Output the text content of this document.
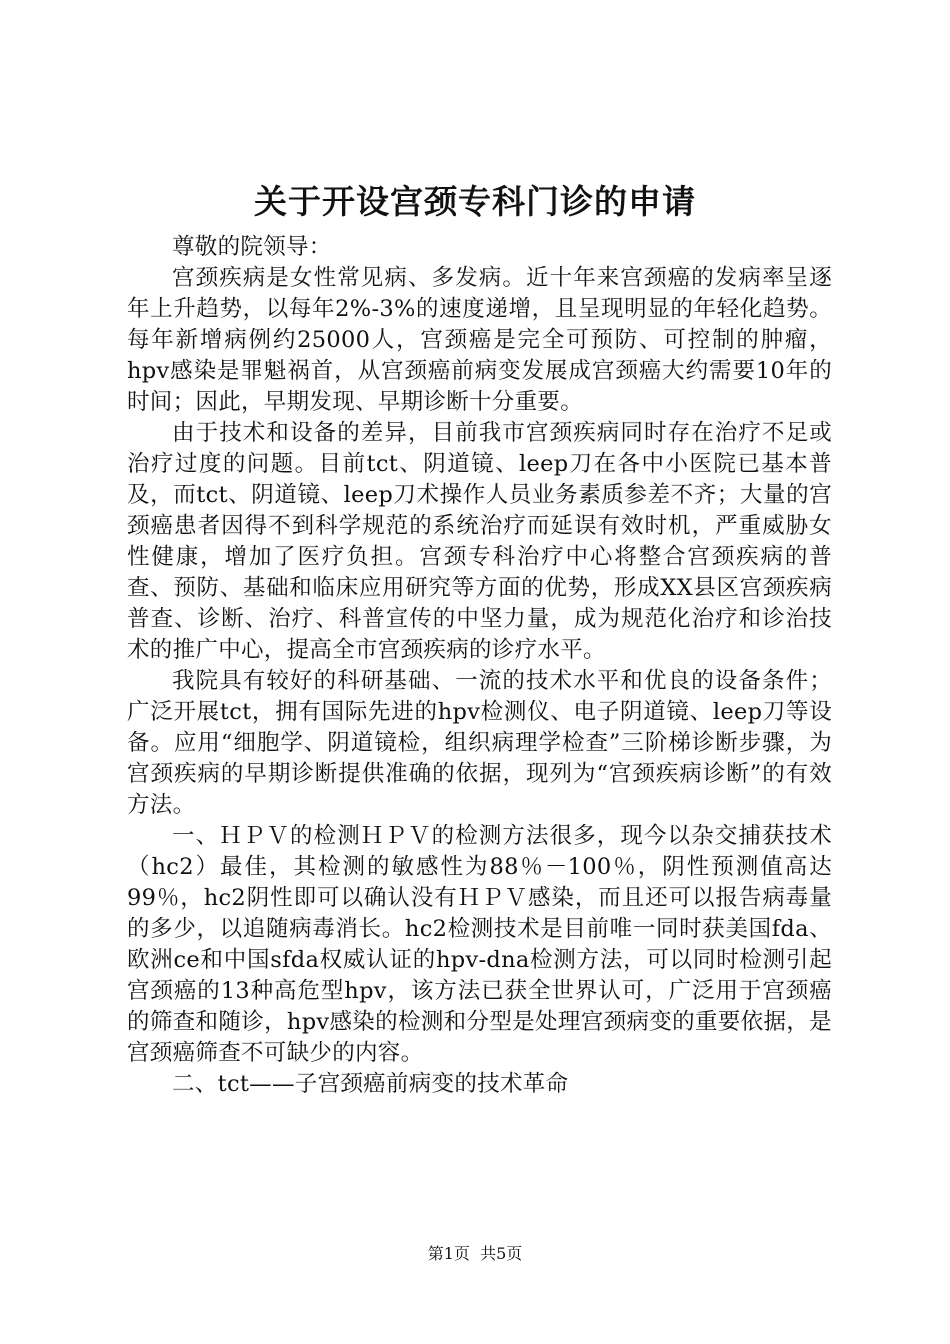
关于开设宫颈专科门诊的申请

尊敬的院领导：

宫颈疾病是女性常见病、多发病。近十年来宫颈癌的发病率呈逐年上升趋势，以每年2%-3%的速度递增，且呈现明显的年轻化趋势。每年新增病例约25000人，宫颈癌是完全可预防、可控制的肿瘤，hpv感染是罪魁祸首，从宫颈癌前病变发展成宫颈癌大约需要10年的时间；因此，早期发现、早期诊断十分重要。

由于技术和设备的差异，目前我市宫颈疾病同时存在治疗不足或治疗过度的问题。目前tct、阴道镜、leep刀在各中小医院已基本普及，而tct、阴道镜、leep刀术操作人员业务素质参差不齐；大量的宫颈癌患者因得不到科学规范的系统治疗而延误有效时机，严重威胁女性健康，增加了医疗负担。宫颈专科治疗中心将整合宫颈疾病的普查、预防、基础和临床应用研究等方面的优势，形成XX县区宫颈疾病普查、诊断、治疗、科普宣传的中坚力量，成为规范化治疗和诊治技术的推广中心，提高全市宫颈疾病的诊疗水平。

我院具有较好的科研基础、一流的技术水平和优良的设备条件；广泛开展tct，拥有国际先进的hpv检测仪、电子阴道镜、leep刀等设备。应用“细胞学、阴道镜检，组织病理学检查”三阶梯诊断步骤，为宫颈疾病的早期诊断提供准确的依据，现列为“宫颈疾病诊断”的有效方法。

一、ＨＰＶ的检测ＨＰＶ的检测方法很多，现今以杂交捕获技术（hc2）最佳，其检测的敏感性为88％－100％，阴性预测值高达99％，hc2阴性即可以确认没有ＨＰＶ感染，而且还可以报告病毒量的多少，以追随病毒消长。hc2检测技术是目前唯一同时获美国fda、欧洲ce和中国sfda权威认证的hpv-dna检测方法，可以同时检测引起宫颈癌的13种高危型hpv，该方法已获全世界认可，广泛用于宫颈癌的筛查和随诊，hpv感染的检测和分型是处理宫颈病变的重要依据，是宫颈癌筛查不可缺少的内容。

二、tct——子宫颈癌前病变的技术革命

第1页 共5页
